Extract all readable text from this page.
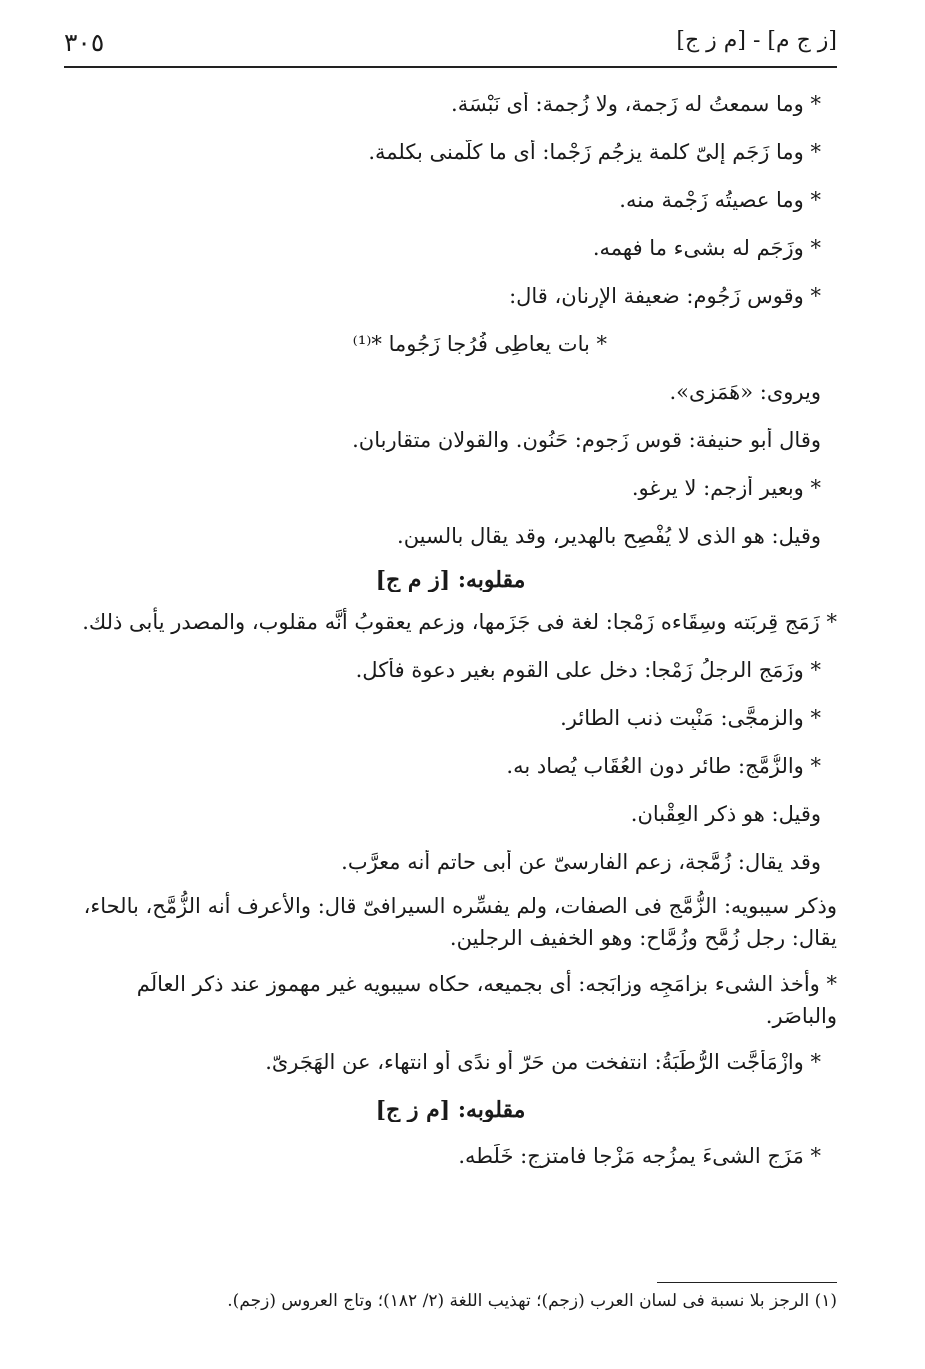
٣٠٥	[ز ج م] - [م ز ج]
* وما سمعتُ له زَجمة، ولا زُجمة: أى نَبْسَة.
* وما زَجَم إلىّ كلمة يزجُم زَجْما: أى ما كلَّمنى بكلمة.
* وما عصيتُه زَجْمة منه.
* وزَجَم له بشىء ما فهمه.
* وقوس زَجُوم: ضعيفة الإرنان، قال:
* بات يعاطِى فُرُجا زَجُوما *⁽¹⁾
ويروى: «هَمَزى».
وقال أبو حنيفة: قوس زَجوم: حَنُون. والقولان متقارِبان.
* وبعير أزجم: لا يرغو.
وقيل: هو الذى لا يُفْصِح بالهدير، وقد يقال بالسين.
مقلوبه: [ز م ج]
* زَمَج قِربَته وسِقَاءه زَمْجا: لغة فى جَزَمها، وزعم يعقوبُ أنَّه مقلوب، والمصدر يأبى ذلك.
* وزَمَج الرجلُ زَمْجا: دخل على القوم بغير دعوة فأكل.
* والزِمجَّى: مَنْبِت ذنب الطائر.
* والزُّمَّج: طائر دون العُقَاب يُصاد به.
وقيل: هو ذكر العِقْبان.
وقد يقال: زُمَّجة، زعم الفارسىّ عن أبى حاتم أنه معرَّب.
وذكر سيبويه: الزُّمَّج فى الصفات، ولم يفسِّره السيرافىّ قال: والأعرف أنه الزُّمَّح، بالحاء، يقال: رجل زُمَّح وزُمَّاح: وهو الخفيف الرجلين.
* وأخذ الشىء بزامَجِه وزابَجه: أى بجميعه، حكاه سيبويه غير مهموز عند ذكر العالَم والباصَر.
* وازْمَأجَّت الرُّطَبَةُ: انتفخت من حَرّ أو ندًى أو انتهاء، عن الهَجَرىّ.
مقلوبه: [م ز ج]
* مَزَج الشىءَ يمزُجه مَزْجا فامتزج: خَلَطه.
(١) الرجز بلا نسبة فى لسان العرب (زجم)؛ تهذيب اللغة (٢/ ١٨٢)؛ وتاج العروس (زجم).
